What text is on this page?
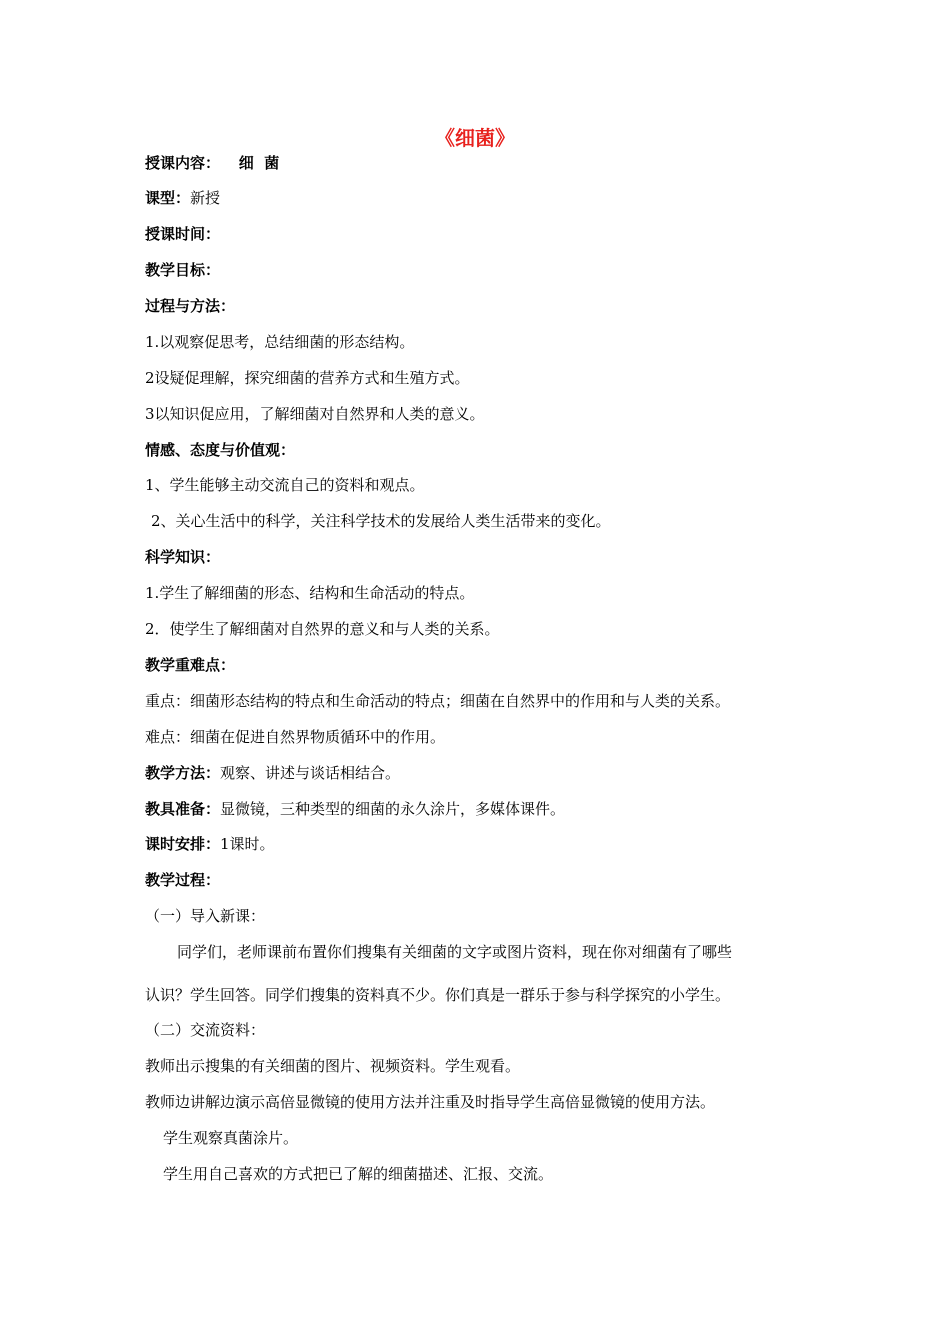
《细菌》
授课内容： 细  菌
课型：新授
授课时间：
教学目标：
过程与方法：
1.以观察促思考，总结细菌的形态结构。
2设疑促理解，探究细菌的营养方式和生殖方式。
3以知识促应用，了解细菌对自然界和人类的意义。
情感、态度与价值观：
1、学生能够主动交流自己的资料和观点。
2、关心生活中的科学，关注科学技术的发展给人类生活带来的变化。
科学知识：
1.学生了解细菌的形态、结构和生命活动的特点。
2．使学生了解细菌对自然界的意义和与人类的关系。
教学重难点：
重点：细菌形态结构的特点和生命活动的特点；细菌在自然界中的作用和与人类的关系。
难点：细菌在促进自然界物质循环中的作用。
教学方法：观察、讲述与谈话相结合。
教具准备：显微镜，三种类型的细菌的永久涂片，多媒体课件。
课时安排：1课时。
教学过程：
（一）导入新课：
同学们，老师课前布置你们搜集有关细菌的文字或图片资料，现在你对细菌有了哪些
认识？学生回答。同学们搜集的资料真不少。你们真是一群乐于参与科学探究的小学生。
（二）交流资料：
教师出示搜集的有关细菌的图片、视频资料。学生观看。
教师边讲解边演示高倍显微镜的使用方法并注重及时指导学生高倍显微镜的使用方法。
学生观察真菌涂片。
学生用自己喜欢的方式把已了解的细菌描述、汇报、交流。
